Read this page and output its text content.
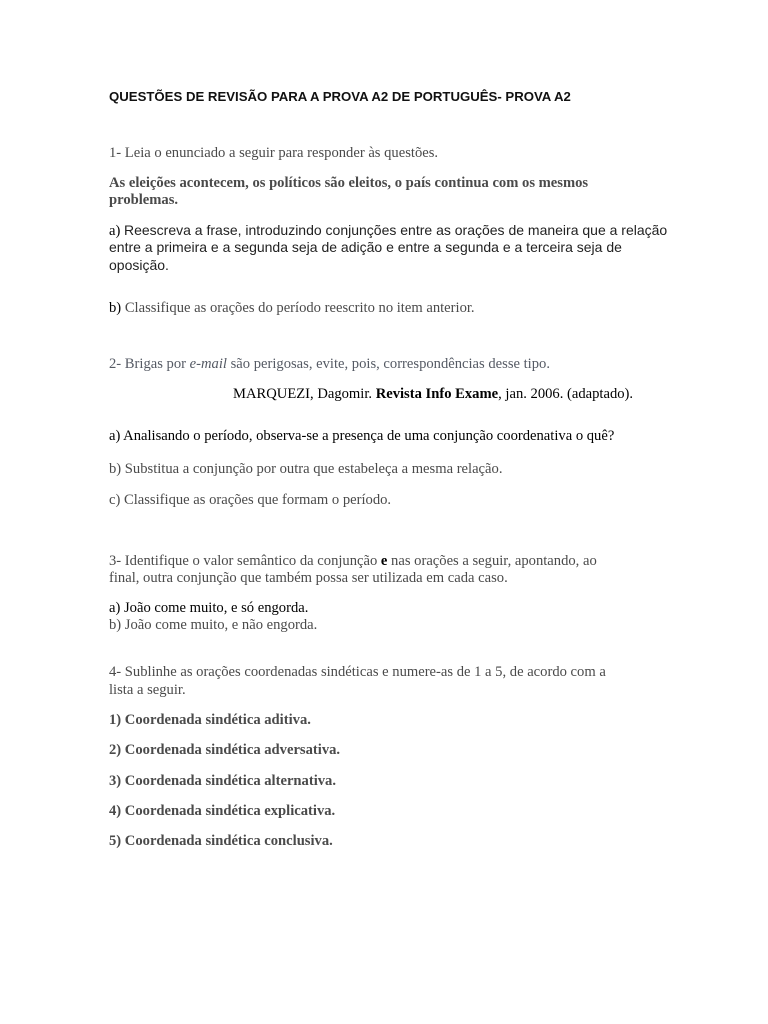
QUESTÕES DE REVISÃO PARA A PROVA A2 DE PORTUGUÊS- PROVA A2

1- Leia o enunciado a seguir para responder às questões.

As eleições acontecem, os políticos são eleitos, o país continua com os mesmos

problemas.

a) Reescreva a frase, introduzindo conjunções entre as orações de maneira que a relação

entre a primeira e a segunda seja de adição e entre a segunda e a terceira seja de

oposição.

b) Classifique as orações do período reescrito no item anterior.

2- Brigas por e-mail são perigosas, evite, pois, correspondências desse tipo.

MARQUEZI, Dagomir. Revista Info Exame, jan. 2006. (adaptado).

a) Analisando o período, observa-se a presença de uma conjunção coordenativa o quê?

b) Substitua a conjunção por outra que estabeleça a mesma relação.

c) Classifique as orações que formam o período.

3- Identifique o valor semântico da conjunção e nas orações a seguir, apontando, ao

final, outra conjunção que também possa ser utilizada em cada caso.

a) João come muito, e só engorda.

b) João come muito, e não engorda.

4- Sublinhe as orações coordenadas sindéticas e numere-as de 1 a 5, de acordo com a

lista a seguir.

1) Coordenada sindética aditiva.

2) Coordenada sindética adversativa.

3) Coordenada sindética alternativa.

4) Coordenada sindética explicativa.

5) Coordenada sindética conclusiva.
